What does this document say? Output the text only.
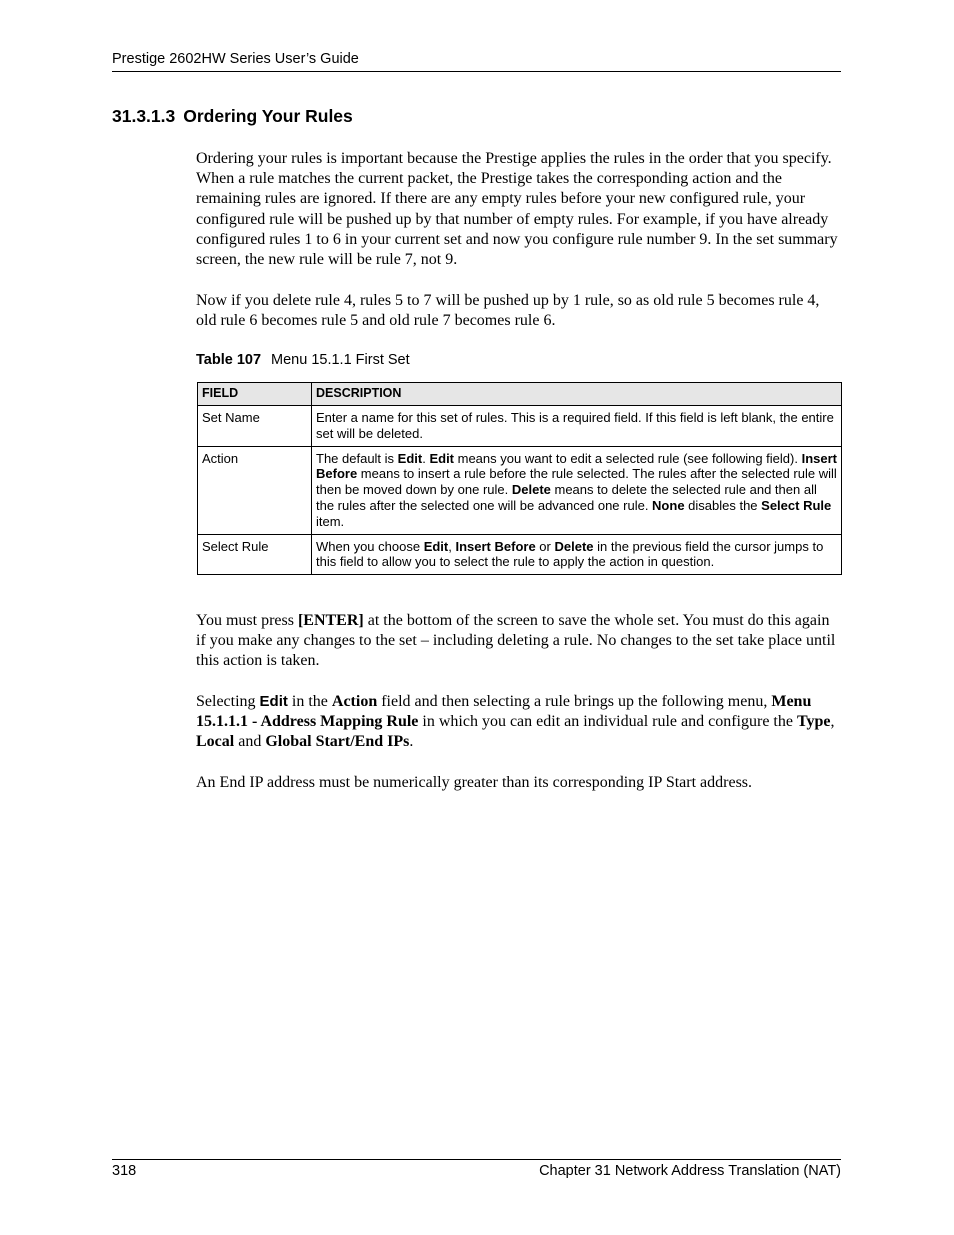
Prestige 2602HW Series User’s Guide
31.3.1.3 Ordering Your Rules

Ordering your rules is important because the Prestige applies the rules in the order that you specify. When a rule matches the current packet, the Prestige takes the corresponding action and the remaining rules are ignored. If there are any empty rules before your new configured rule, your configured rule will be pushed up by that number of empty rules. For example, if you have already configured rules 1 to 6 in your current set and now you configure rule number 9. In the set summary screen, the new rule will be rule 7, not 9.

Now if you delete rule 4, rules 5 to 7 will be pushed up by 1 rule, so as old rule 5 becomes rule 4, old rule 6 becomes rule 5 and old rule 7 becomes rule 6.

Table 107 Menu 15.1.1 First Set
FIELD	DESCRIPTION
Set Name	Enter a name for this set of rules. This is a required field. If this field is left blank, the entire set will be deleted.
Action	The default is Edit. Edit means you want to edit a selected rule (see following field). Insert Before means to insert a rule before the rule selected. The rules after the selected rule will then be moved down by one rule. Delete means to delete the selected rule and then all the rules after the selected one will be advanced one rule. None disables the Select Rule item.
Select Rule	When you choose Edit, Insert Before or Delete in the previous field the cursor jumps to this field to allow you to select the rule to apply the action in question.

You must press [ENTER] at the bottom of the screen to save the whole set. You must do this again if you make any changes to the set – including deleting a rule. No changes to the set take place until this action is taken.

Selecting Edit in the Action field and then selecting a rule brings up the following menu, Menu 15.1.1.1 - Address Mapping Rule in which you can edit an individual rule and configure the Type, Local and Global Start/End IPs.

An End IP address must be numerically greater than its corresponding IP Start address.

318	Chapter 31 Network Address Translation (NAT)
